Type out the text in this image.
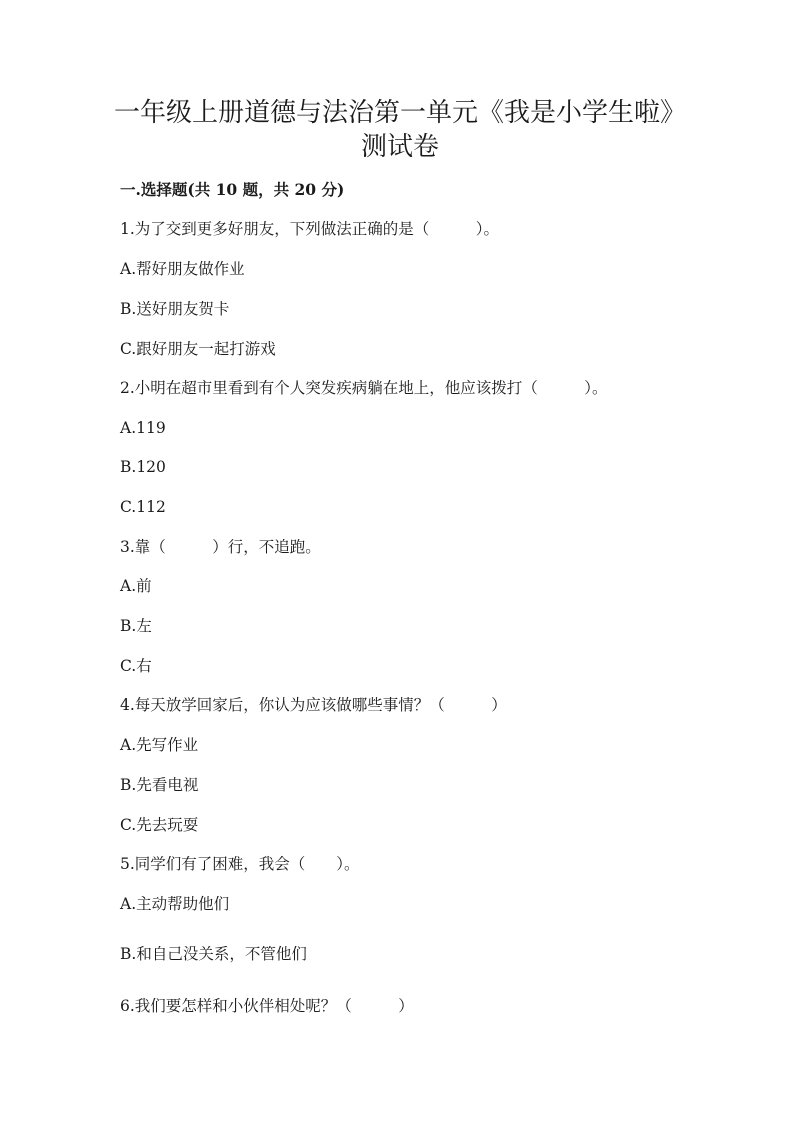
一年级上册道德与法治第一单元《我是小学生啦》
测试卷
一.选择题(共 10 题，共 20 分)

1.为了交到更多好朋友，下列做法正确的是（　　　）。

A.帮好朋友做作业

B.送好朋友贺卡

C.跟好朋友一起打游戏

2.小明在超市里看到有个人突发疾病躺在地上，他应该拨打（　　　）。

A.119

B.120

C.112

3.靠（　　　）行，不追跑。

A.前

B.左

C.右

4.每天放学回家后，你认为应该做哪些事情？（　　　）

A.先写作业

B.先看电视

C.先去玩耍

5.同学们有了困难，我会（　　）。

A.主动帮助他们

B.和自己没关系，不管他们

6.我们要怎样和小伙伴相处呢？（　　　）
